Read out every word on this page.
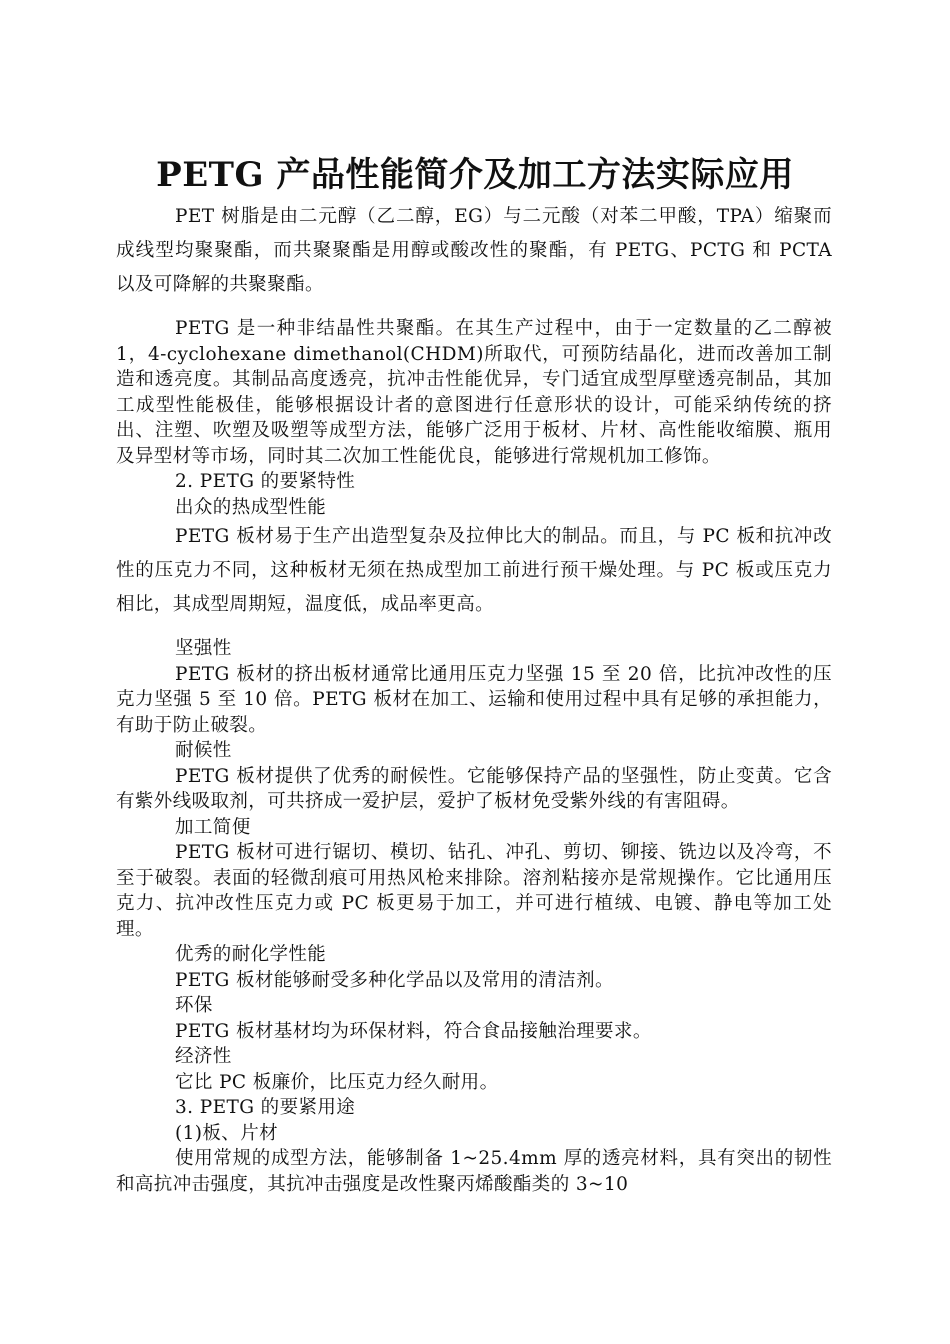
PETG 产品性能简介及加工方法实际应用

PET 树脂是由二元醇（乙二醇，EG）与二元酸（对苯二甲酸，TPA）缩聚而成线型均聚聚酯，而共聚聚酯是用醇或酸改性的聚酯，有 PETG、PCTG 和 PCTA 以及可降解的共聚聚酯。

PETG 是一种非结晶性共聚酯。在其生产过程中，由于一定数量的乙二醇被 1，4-cyclohexane dimethanol(CHDM)所取代，可预防结晶化，进而改善加工制造和透亮度。其制品高度透亮，抗冲击性能优异，专门适宜成型厚壁透亮制品，其加工成型性能极佳，能够根据设计者的意图进行任意形状的设计，可能采纳传统的挤出、注塑、吹塑及吸塑等成型方法，能够广泛用于板材、片材、高性能收缩膜、瓶用及异型材等市场，同时其二次加工性能优良，能够进行常规机加工修饰。

2. PETG 的要紧特性

出众的热成型性能

PETG 板材易于生产出造型复杂及拉伸比大的制品。而且，与 PC 板和抗冲改性的压克力不同，这种板材无须在热成型加工前进行预干燥处理。与 PC 板或压克力相比，其成型周期短，温度低，成品率更高。

坚强性

PETG 板材的挤出板材通常比通用压克力坚强 15 至 20 倍，比抗冲改性的压克力坚强 5 至 10 倍。PETG 板材在加工、运输和使用过程中具有足够的承担能力，有助于防止破裂。

耐候性

PETG 板材提供了优秀的耐候性。它能够保持产品的坚强性，防止变黄。它含有紫外线吸取剂，可共挤成一爱护层，爱护了板材免受紫外线的有害阻碍。

加工简便

PETG 板材可进行锯切、模切、钻孔、冲孔、剪切、铆接、铣边以及冷弯，不至于破裂。表面的轻微刮痕可用热风枪来排除。溶剂粘接亦是常规操作。它比通用压克力、抗冲改性压克力或 PC 板更易于加工，并可进行植绒、电镀、静电等加工处理。

优秀的耐化学性能

PETG 板材能够耐受多种化学品以及常用的清洁剂。

环保

PETG 板材基材均为环保材料，符合食品接触治理要求。

经济性

它比 PC 板廉价，比压克力经久耐用。

3. PETG 的要紧用途

(1)板、片材

使用常规的成型方法，能够制备 1~25.4mm 厚的透亮材料，具有突出的韧性和高抗冲击强度，其抗冲击强度是改性聚丙烯酸酯类的 3~10
